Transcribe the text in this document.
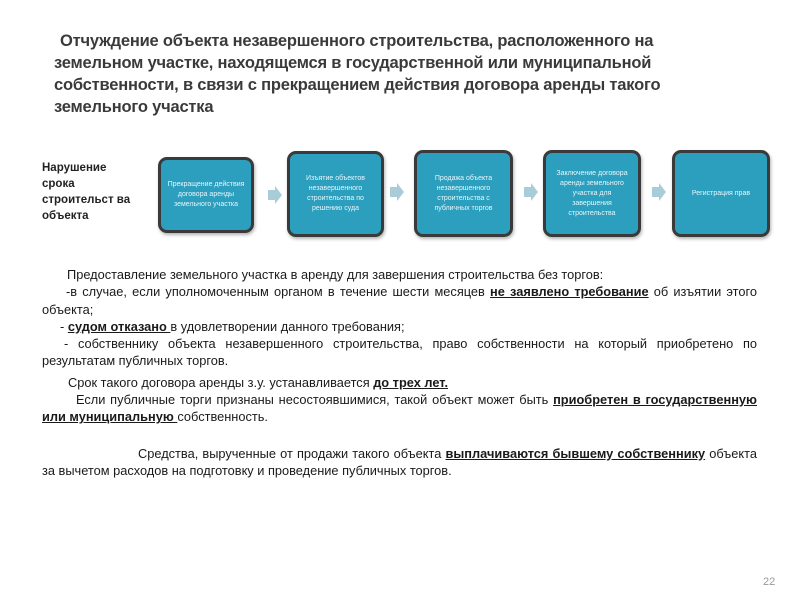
Отчуждение объекта незавершенного строительства, расположенного на земельном участке, находящемся в государственной или муниципальной собственности, в связи с прекращением действия договора аренды такого земельного участка
Нарушение срока строительст ва объекта
Прекращение действия договора аренды земельного участка
Изъятие объектов незавершенного строительства по решению суда
Продажа объекта незавершенного строительства с публичных торгов
Заключение договора аренды земельного участка для завершения строительства
Регистрация прав

Предоставление земельного участка в аренду для завершения строительства без торгов:

-в случае, если уполномоченным органом в течение шести месяцев не заявлено требование об изъятии этого объекта;

- судом отказано в удовлетворении данного требования;

- собственнику объекта незавершенного строительства, право собственности на который приобретено по результатам публичных торгов.

Срок такого договора аренды з.у. устанавливается до трех лет.

Если публичные торги признаны несостоявшимися, такой объект может быть приобретен в государственную или муниципальную собственность.

Средства, вырученные от продажи такого объекта выплачиваются бывшему собственнику объекта за вычетом расходов на подготовку и проведение публичных торгов.

22
